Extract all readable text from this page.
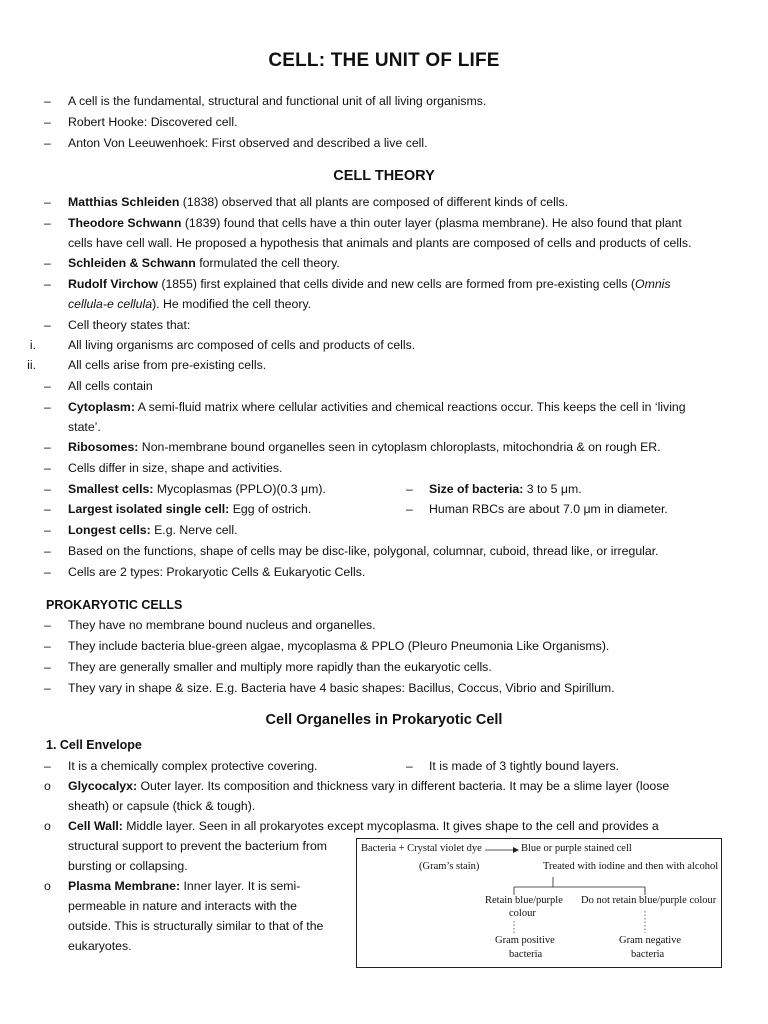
CELL: THE UNIT OF LIFE
–	A cell is the fundamental, structural and functional unit of all living organisms.
–	Robert Hooke: Discovered cell.
–	Anton Von Leeuwenhoek: First observed and described a live cell.
CELL THEORY
–	Matthias Schleiden (1838) observed that all plants are composed of different kinds of cells.
–	Theodore Schwann (1839) found that cells have a thin outer layer (plasma membrane). He also found that plant
cells have cell wall. He proposed a hypothesis that animals and plants are composed of cells and products of cells.
–	Schleiden & Schwann formulated the cell theory.
–	Rudolf Virchow (1855) first explained that cells divide and new cells are formed from pre-existing cells (Omnis
cellula-e cellula). He modified the cell theory.
–	Cell theory states that:
i.	All living organisms arc composed of cells and products of cells.
ii.	All cells arise from pre-existing cells.
–	All cells contain
–	Cytoplasm: A semi-fluid matrix where cellular activities and chemical reactions occur. This keeps the cell in ‘living
state’.
–	Ribosomes: Non-membrane bound organelles seen in cytoplasm chloroplasts, mitochondria & on rough ER.
–	Cells differ in size, shape and activities.
–	Smallest cells: Mycoplasmas (PPLO)(0.3 μm).	– Size of bacteria: 3 to 5 μm.
–	Largest isolated single cell: Egg of ostrich.	– Human RBCs are about 7.0 μm in diameter.
–	Longest cells: E.g. Nerve cell.
–	Based on the functions, shape of cells may be disc-like, polygonal, columnar, cuboid, thread like, or irregular.
–	Cells are 2 types: Prokaryotic Cells & Eukaryotic Cells.
PROKARYOTIC CELLS
–	They have no membrane bound nucleus and organelles.
–	They include bacteria blue-green algae, mycoplasma & PPLO (Pleuro Pneumonia Like Organisms).
–	They are generally smaller and multiply more rapidly than the eukaryotic cells.
–	They vary in shape & size. E.g. Bacteria have 4 basic shapes: Bacillus, Coccus, Vibrio and Spirillum.
Cell Organelles in Prokaryotic Cell
1. Cell Envelope
–	It is a chemically complex protective covering.	– It is made of 3 tightly bound layers.
o	Glycocalyx: Outer layer. Its composition and thickness vary in different bacteria. It may be a slime layer (loose
sheath) or capsule (thick & tough).
o	Cell Wall: Middle layer. Seen in all prokaryotes except mycoplasma. It gives shape to the cell and provides a
structural support to prevent the bacterium from
bursting or collapsing.
o	Plasma Membrane: Inner layer. It is semi-
permeable in nature and interacts with the
outside. This is structurally similar to that of the
eukaryotes.
Bacteria + Crystal violet dye	Blue or purple stained cell
(Gram’s stain)	Treated with iodine and then with alcohol
Retain blue/purple
colour
Do not retain blue/purple colour
Gram positive
bacteria
Gram negative
bacteria
